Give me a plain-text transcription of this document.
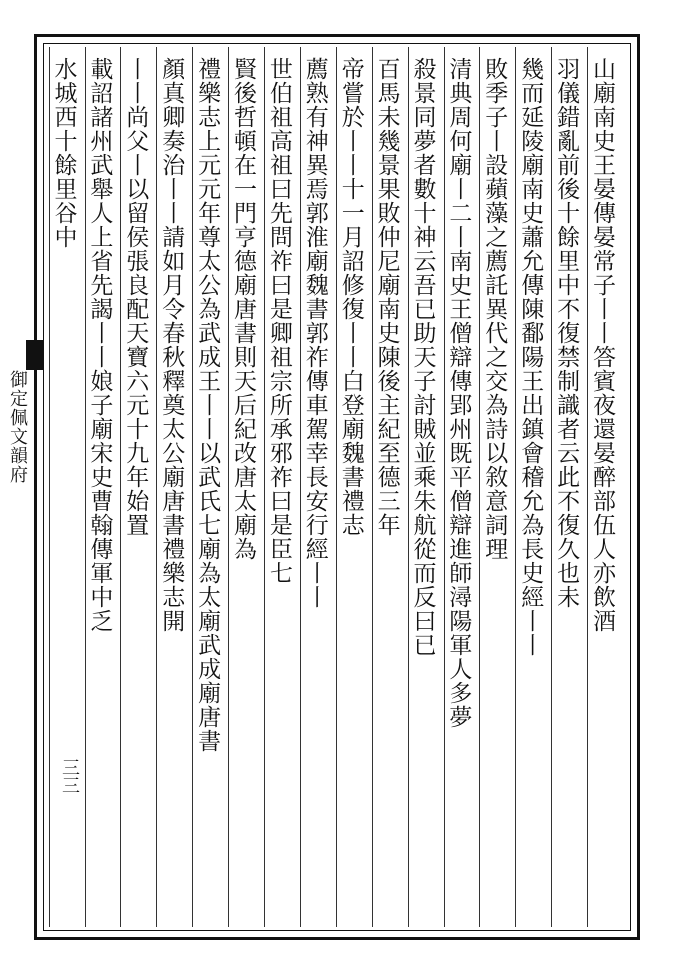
御定佩文韻府
三三
山廟南史王晏傳晏常子丨丨答賓夜還晏醉部伍人亦飲酒
羽儀錯亂前後十餘里中不復禁制識者云此不復久也未
幾而延陵廟南史蕭允傳陳鄱陽王出鎮會稽允為長史經丨丨
敗季子丨設蘋藻之薦託異代之交為詩以敘意詞理
清典周何廟丨二丨南史王僧辯傳郢州既平僧辯進師潯陽軍人多夢
殺景同夢者數十神云吾已助天子討賊並乘朱航從而反曰已
百馬未幾景果敗仲尼廟南史陳後主紀至德三年
帝嘗於丨丨十一月詔修復丨丨白登廟魏書禮志
薦熟有神異焉郭淮廟魏書郭祚傳車駕幸長安行經丨丨
世伯祖高祖曰先問祚曰是卿祖宗所承邪祚曰是臣七
賢後哲頓在一門亨德廟唐書則天后紀改唐太廟為
禮樂志上元元年尊太公為武成王丨丨以武氏七廟為太廟武成廟唐書
顏真卿奏治丨丨請如月令春秋釋奠太公廟唐書禮樂志開
丨丨尚父丨以留侯張良配天寶六元十九年始置
載詔諸州武舉人上省先謁丨丨娘子廟宋史曹翰傳軍中乏
水城西十餘里谷中
